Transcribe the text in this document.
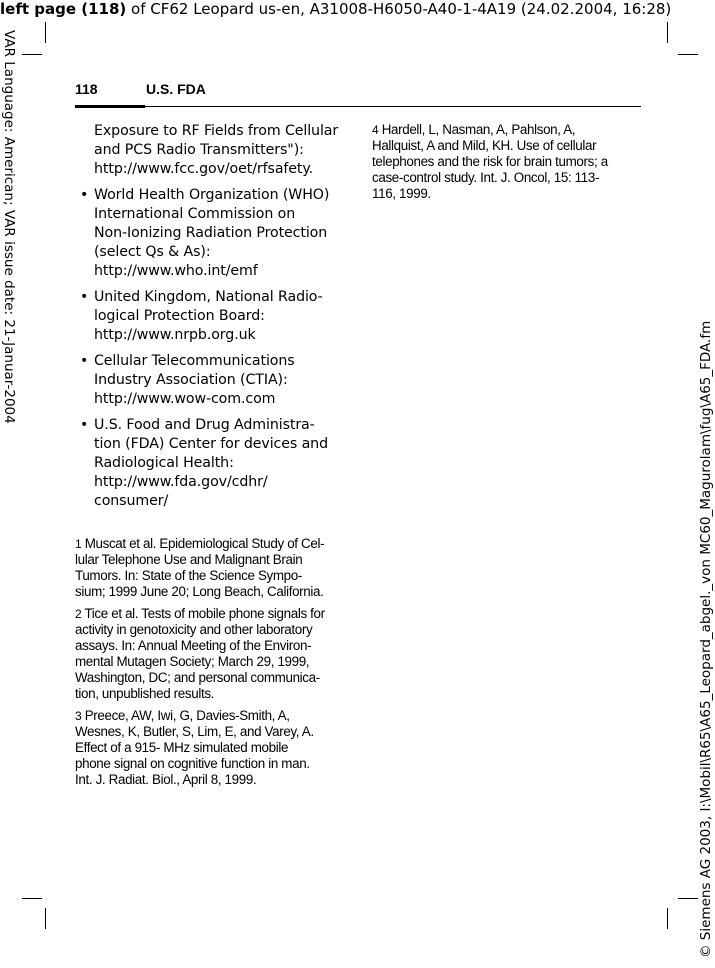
left page (118) of CF62 Leopard us-en, A31008-H6050-A40-1-4A19 (24.02.2004, 16:28)
VAR Language: American; VAR issue date: 21-Januar-2004
© Siemens AG 2003, I:\Mobil\R65\A65_Leopard_abgel._von MC60_Magurolam\fug\A65_FDA.fm
118	U.S. FDA
Exposure to RF Fields from Cellular
and PCS Radio Transmitters"):
http://www.fcc.gov/oet/rfsafety.
• World Health Organization (WHO)
International Commission on
Non-Ionizing Radiation Protection
(select Qs & As):
http://www.who.int/emf
• United Kingdom, National Radio-
logical Protection Board:
http://www.nrpb.org.uk
• Cellular Telecommunications
Industry Association (CTIA):
http://www.wow-com.com
• U.S. Food and Drug Administra-
tion (FDA) Center for devices and
Radiological Health:
http://www.fda.gov/cdhr/
consumer/
1 Muscat et al. Epidemiological Study of Cel-
lular Telephone Use and Malignant Brain
Tumors. In: State of the Science Sympo-
sium; 1999 June 20; Long Beach, California.
2 Tice et al. Tests of mobile phone signals for
activity in genotoxicity and other laboratory
assays. In: Annual Meeting of the Environ-
mental Mutagen Society; March 29, 1999,
Washington, DC; and personal communica-
tion, unpublished results.
3 Preece, AW, Iwi, G, Davies-Smith, A,
Wesnes, K, Butler, S, Lim, E, and Varey, A.
Effect of a 915- MHz simulated mobile
phone signal on cognitive function in man.
Int. J. Radiat. Biol., April 8, 1999.
4 Hardell, L, Nasman, A, Pahlson, A,
Hallquist, A and Mild, KH. Use of cellular
telephones and the risk for brain tumors; a
case-control study. Int. J. Oncol, 15: 113-
116, 1999.
